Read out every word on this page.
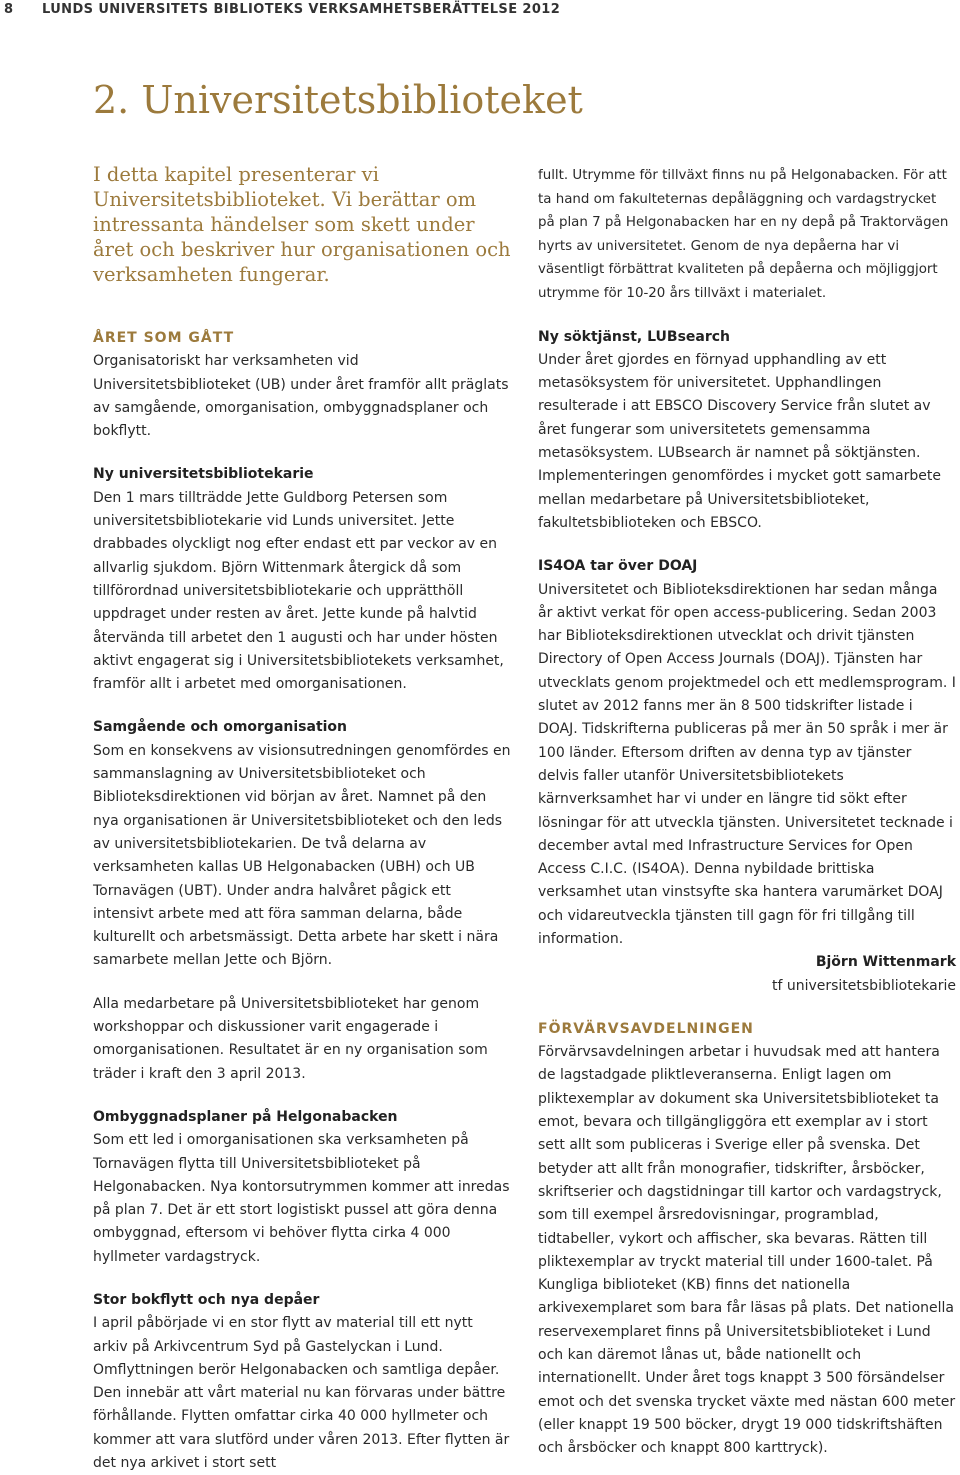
8 LUNDS UNIVERSITETS BIBLIOTEKS VERKSAMHETSBERÄTTELSE 2012
2. Universitetsbiblioteket

I detta kapitel presenterar vi Universitetsbiblioteket. Vi berättar om intressanta händelser som skett under året och beskriver hur organisationen och verksamheten fungerar.

ÅRET SOM GÅTT

Organisatoriskt har verksamheten vid Universitetsbiblioteket (UB) under året framför allt präglats av samgående, omorganisation, ombyggnadsplaner och bokflytt.

Ny universitetsbibliotekarie

Den 1 mars tillträdde Jette Guldborg Petersen som universitetsbibliotekarie vid Lunds universitet. Jette drabbades olyckligt nog efter endast ett par veckor av en allvarlig sjukdom. Björn Wittenmark återgick då som tillförordnad universitetsbibliotekarie och upprätthöll uppdraget under resten av året. Jette kunde på halvtid återvända till arbetet den 1 augusti och har under hösten aktivt engagerat sig i Universitetsbibliotekets verksamhet, framför allt i arbetet med omorganisationen.

Samgående och omorganisation

Som en konsekvens av visionsutredningen genomfördes en sammanslagning av Universitetsbiblioteket och Biblioteksdirektionen vid början av året. Namnet på den nya organisationen är Universitetsbiblioteket och den leds av universitetsbibliotekarien. De två delarna av verksamheten kallas UB Helgonabacken (UBH) och UB Tornavägen (UBT). Under andra halvåret pågick ett intensivt arbete med att föra samman delarna, både kulturellt och arbetsmässigt. Detta arbete har skett i nära samarbete mellan Jette och Björn.

Alla medarbetare på Universitetsbiblioteket har genom workshoppar och diskussioner varit engagerade i omorganisationen. Resultatet är en ny organisation som träder i kraft den 3 april 2013.

Ombyggnadsplaner på Helgonabacken

Som ett led i omorganisationen ska verksamheten på Tornavägen flytta till Universitetsbiblioteket på Helgonabacken. Nya kontorsutrymmen kommer att inredas på plan 7. Det är ett stort logistiskt pussel att göra denna ombyggnad, eftersom vi behöver flytta cirka 4 000 hyllmeter vardagstryck.

Stor bokflytt och nya depåer

I april påbörjade vi en stor flytt av material till ett nytt arkiv på Arkivcentrum Syd på Gastelyckan i Lund. Omflyttningen berör Helgonabacken och samtliga depåer. Den innebär att vårt material nu kan förvaras under bättre förhållande. Flytten omfattar cirka 40 000 hyllmeter och kommer att vara slutförd under våren 2013. Efter flytten är det nya arkivet i stort sett

fullt. Utrymme för tillväxt finns nu på Helgonabacken. För att ta hand om fakulteternas depåläggning och vardagstrycket på plan 7 på Helgonabacken har en ny depå på Traktorvägen hyrts av universitetet. Genom de nya depåerna har vi väsentligt förbättrat kvaliteten på depåerna och möjliggjort utrymme för 10-20 års tillväxt i materialet.

Ny söktjänst, LUBsearch

Under året gjordes en förnyad upphandling av ett metasöksystem för universitetet. Upphandlingen resulterade i att EBSCO Discovery Service från slutet av året fungerar som universitetets gemensamma metasöksystem. LUBsearch är namnet på söktjänsten. Implementeringen genomfördes i mycket gott samarbete mellan medarbetare på Universitetsbiblioteket, fakultetsbiblioteken och EBSCO.

IS4OA tar över DOAJ

Universitetet och Biblioteksdirektionen har sedan många år aktivt verkat för open access-publicering. Sedan 2003 har Biblioteksdirektionen utvecklat och drivit tjänsten Directory of Open Access Journals (DOAJ). Tjänsten har utvecklats genom projektmedel och ett medlemsprogram. I slutet av 2012 fanns mer än 8 500 tidskrifter listade i DOAJ. Tidskrifterna publiceras på mer än 50 språk i mer är 100 länder. Eftersom driften av denna typ av tjänster delvis faller utanför Universitetsbibliotekets kärnverksamhet har vi under en längre tid sökt efter lösningar för att utveckla tjänsten. Universitetet tecknade i december avtal med Infrastructure Services for Open Access C.I.C. (IS4OA). Denna nybildade brittiska verksamhet utan vinstsyfte ska hantera varumärket DOAJ och vidareutveckla tjänsten till gagn för fri tillgång till information.

Björn Wittenmark

tf universitetsbibliotekarie

FÖRVÄRVSAVDELNINGEN

Förvärvsavdelningen arbetar i huvudsak med att hantera de lagstadgade pliktleveranserna. Enligt lagen om pliktexemplar av dokument ska Universitetsbiblioteket ta emot, bevara och tillgängliggöra ett exemplar av i stort sett allt som publiceras i Sverige eller på svenska. Det betyder att allt från monografier, tidskrifter, årsböcker, skriftserier och dagstidningar till kartor och vardagstryck, som till exempel årsredovisningar, programblad, tidtabeller, vykort och affischer, ska bevaras. Rätten till pliktexemplar av tryckt material till under 1600-talet. På Kungliga biblioteket (KB) finns det nationella arkivexemplaret som bara får läsas på plats. Det nationella reservexemplaret finns på Universitetsbiblioteket i Lund och kan däremot lånas ut, både nationellt och internationellt. Under året togs knappt 3 500 försändelser emot och det svenska trycket växte med nästan 600 meter (eller knappt 19 500 böcker, drygt 19 000 tidskriftshäften och årsböcker och knappt 800 karttryck).
